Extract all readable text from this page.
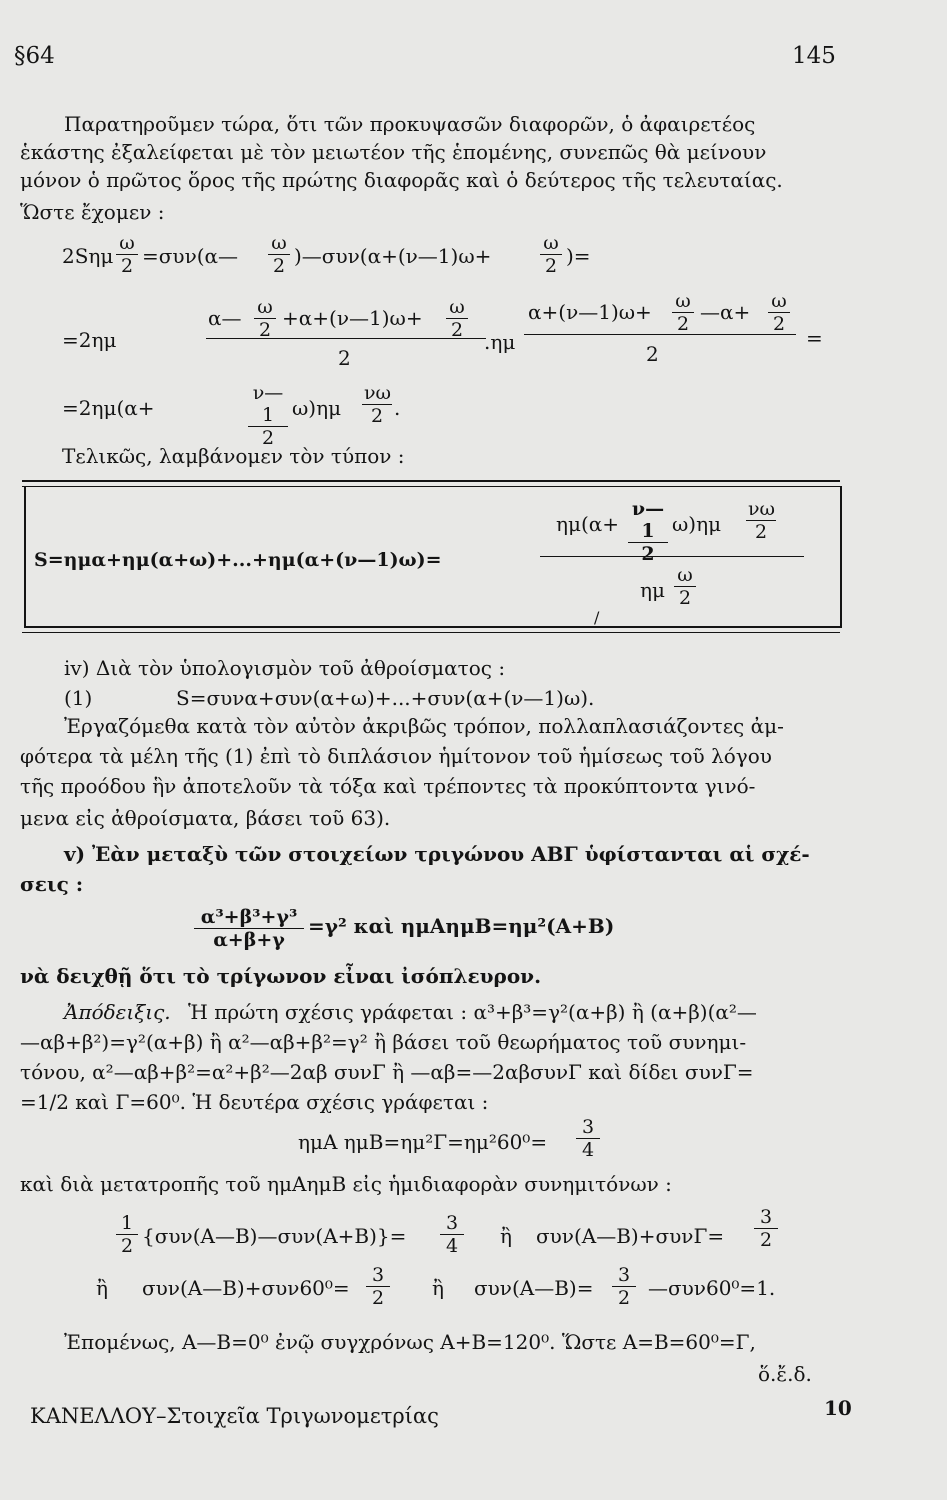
§64	145
Παρατηροῦμεν τώρα, ὅτι τῶν προκυψασῶν διαφορῶν, ὁ ἀφαιρετέος
ἑκάστης ἐξαλείφεται μὲ τὸν μειωτέον τῆς ἑπομένης, συνεπῶς θὰ μείνουν
μόνον ὁ πρῶτος ὅρος τῆς πρώτης διαφορᾶς καὶ ὁ δεύτερος τῆς τελευταίας.
Ὥστε ἔχομεν :
$2S\eta\mu \frac{\omega}{2}$ =συν(α— $\frac{\omega}{2}$ )—συν(α+(ν—1)ω+	$\frac{\omega}{2}$ )=
α— $\frac{\omega}{2}$ +α+(ν—1)ω+ $\frac{\omega}{2}$
=2ημ
2
.ημ
α+(ν—1)ω+ $\frac{\omega}{2}$ —α+ $\frac{\omega}{2}$
2
=
=2ημ(α+	$\frac{\nu—1}{2} \omega)\eta\mu \frac{\nu\omega}{2}$ .
Τελικῶς, λαμβάνομεν τὸν τύπον :
S=ημα+ημ(α+ω)+...+ημ(α+(ν—1)ω)=
$\eta\mu(\alpha+ \frac{\nu—1}{2} \omega)\eta\mu \frac{\nu\omega}{2}$
ημ $\frac{\omega}{2}$
/
iv) Διὰ τὸν ὑπολογισμὸν τοῦ ἀθροίσματος :
(1)	S=συνα+συν(α+ω)+...+συν(α+(ν—1)ω).
Ἐργαζόμεθα κατὰ τὸν αὐτὸν ἀκριβῶς τρόπον, πολλαπλασιάζοντες ἀμ-
φότερα τὰ μέλη τῆς (1) ἐπὶ τὸ διπλάσιον ἡμίτονον τοῦ ἡμίσεως τοῦ λόγου
τῆς προόδου ἣν ἀποτελοῦν τὰ τόξα καὶ τρέποντες τὰ προκύπτοντα γινό-
μενα εἰς ἀθροίσματα, βάσει τοῦ 63).
v) Ἐὰν μεταξὺ τῶν στοιχείων τριγώνου ΑΒΓ ὑφίστανται αἱ σχέ-
σεις :
$\frac{\text{α³+β³+γ³}}{\alpha+\beta+\gamma} =\gamma^2$ καὶ ημΑημΒ=ημ²(Α+Β)
νὰ δειχθῇ ὅτι τὸ τρίγωνον εἶναι ἰσόπλευρον.
Ἀπόδειξις. Ἡ πρώτη σχέσις γράφεται : α³+β³=γ²(α+β) ἢ (α+β)(α²—
—αβ+β²)=γ²(α+β) ἢ α²—αβ+β²=γ² ἢ βάσει τοῦ θεωρήματος τοῦ συνημι-
τόνου, α²—αβ+β²=α²+β²—2αβ συνΓ ἢ —αβ=—2αβσυνΓ καὶ δίδει συνΓ=
=1/2 καὶ Γ=60⁰. Ἡ δευτέρα σχέσις γράφεται :
ημΑ $\eta\mu B=\eta\mu^2\Gamma=\eta\mu^260^0= \frac{3}{4}$
καὶ διὰ μετατροπῆς τοῦ ημΑημΒ εἰς ἡμιδιαφορὰν συνημιτόνων :
$\frac{1}{2}$ {συν(Α—Β)—συν(Α+Β)}= $\frac{3}{4}$ ἢ συν(Α—Β)+συνΓ= $\frac{3}{2}$
ἢ συν(Α—Β)+συν60⁰= $\frac{3}{2}$ ἢ συν(Α—Β)= $\frac{3}{2}$ —συν60⁰=1.
Ἐπομένως, Α—Β=0⁰ ἐνῷ συγχρόνως Α+Β=120⁰. Ὥστε Α=Β=60⁰=Γ,
ὅ.ἔ.δ.
ΚΑΝΕΛΛΟΥ–Στοιχεῖα Τριγωνομετρίας	10
